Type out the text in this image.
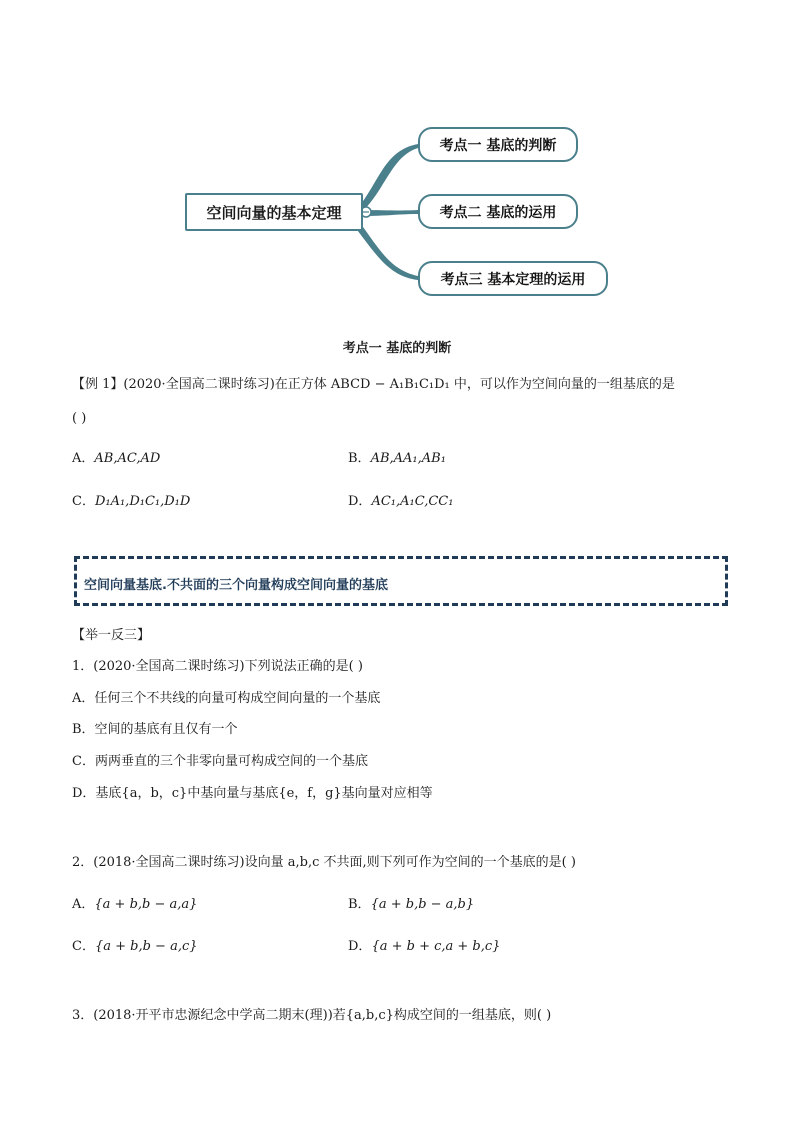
空间向量的基本定理
考点一 基底的判断
考点二 基底的运用
考点三 基本定理的运用
考点一 基底的判断
【例 1】(2020·全国高二课时练习)在正方体 ABCD − A₁B₁C₁D₁ 中，可以作为空间向量的一组基底的是
( )
A．AB,AC,AD	B．AB,AA₁,AB₁
C．D₁A₁,D₁C₁,D₁D	D．AC₁,A₁C,CC₁
空间向量基底.不共面的三个向量构成空间向量的基底
【举一反三】
1．(2020·全国高二课时练习)下列说法正确的是( )
A．任何三个不共线的向量可构成空间向量的一个基底
B．空间的基底有且仅有一个
C．两两垂直的三个非零向量可构成空间的一个基底
D．基底{a，b，c}中基向量与基底{e，f，g}基向量对应相等
2．(2018·全国高二课时练习)设向量 a,b,c 不共面,则下列可作为空间的一个基底的是( )
A．{a + b,b − a,a}	B．{a + b,b − a,b}
C．{a + b,b − a,c}	D．{a + b + c,a + b,c}
3．(2018·开平市忠源纪念中学高二期末(理))若{a,b,c}构成空间的一组基底，则( )
